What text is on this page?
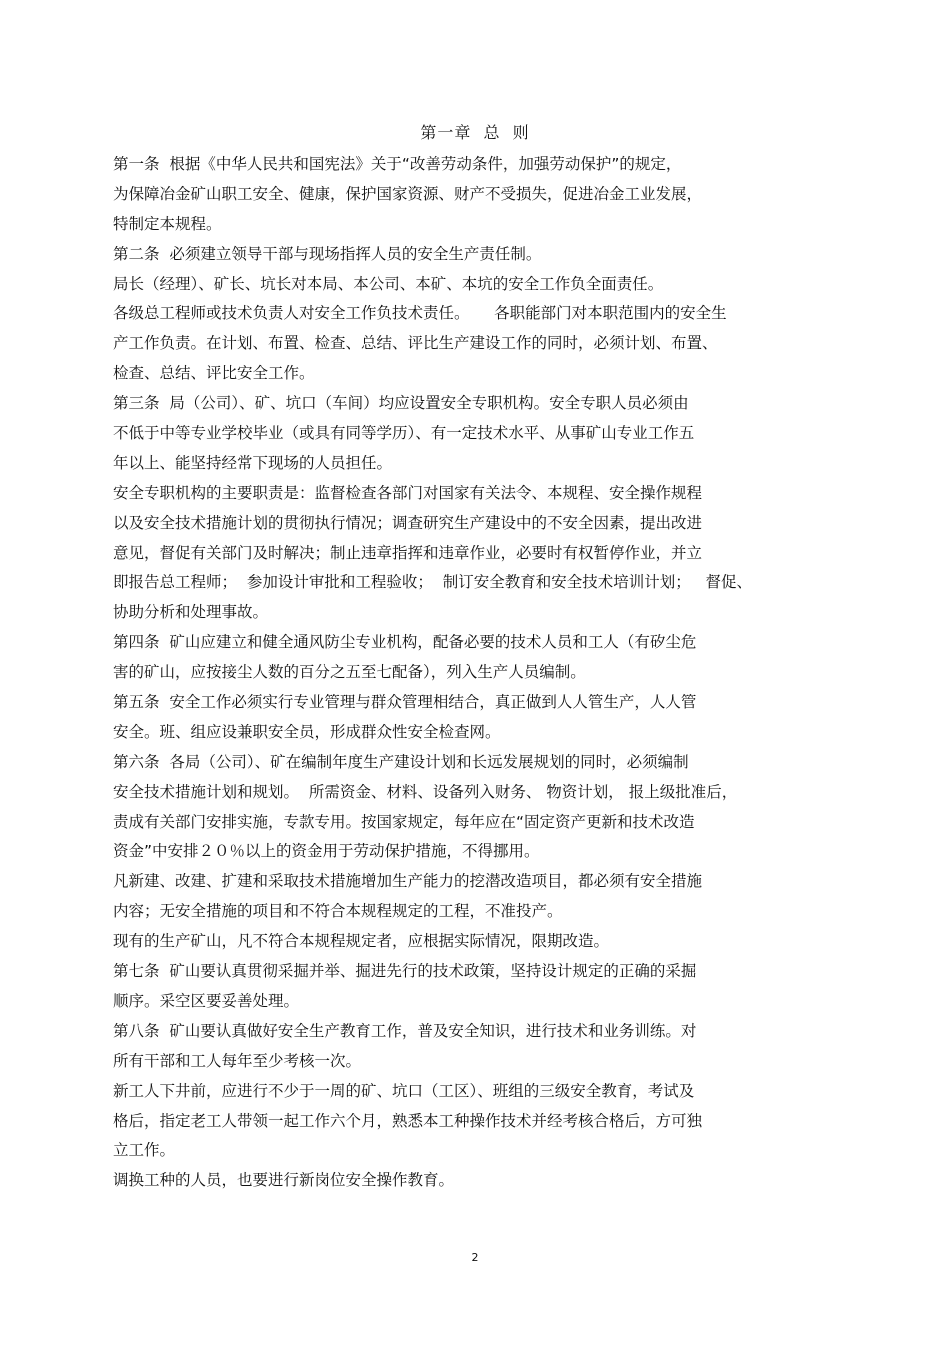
第一章  总  则
第一条  根据《中华人民共和国宪法》关于“改善劳动条件，加强劳动保护”的规定，
为保障冶金矿山职工安全、健康，保护国家资源、财产不受损失，促进冶金工业发展，
特制定本规程。
第二条  必须建立领导干部与现场指挥人员的安全生产责任制。
局长（经理）、矿长、坑长对本局、本公司、本矿、本坑的安全工作负全面责任。
各级总工程师或技术负责人对安全工作负技术责任。     各职能部门对本职范围内的安全生
产工作负责。在计划、布置、检查、总结、评比生产建设工作的同时，必须计划、布置、
检查、总结、评比安全工作。
第三条  局（公司）、矿、坑口（车间）均应设置安全专职机构。安全专职人员必须由
不低于中等专业学校毕业（或具有同等学历）、有一定技术水平、从事矿山专业工作五
年以上、能坚持经常下现场的人员担任。
安全专职机构的主要职责是：监督检查各部门对国家有关法令、本规程、安全操作规程
以及安全技术措施计划的贯彻执行情况；调查研究生产建设中的不安全因素，提出改进
意见，督促有关部门及时解决；制止违章指挥和违章作业，必要时有权暂停作业，并立
即报告总工程师；  参加设计审批和工程验收；  制订安全教育和安全技术培训计划；   督促、
协助分析和处理事故。
第四条  矿山应建立和健全通风防尘专业机构，配备必要的技术人员和工人（有矽尘危
害的矿山，应按接尘人数的百分之五至七配备），列入生产人员编制。
第五条  安全工作必须实行专业管理与群众管理相结合，真正做到人人管生产，人人管
安全。班、组应设兼职安全员，形成群众性安全检查网。
第六条  各局（公司）、矿在编制年度生产建设计划和长远发展规划的同时，必须编制
安全技术措施计划和规划。  所需资金、材料、设备列入财务、 物资计划， 报上级批准后，
责成有关部门安排实施，专款专用。按国家规定，每年应在“固定资产更新和技术改造
资金”中安排２０％以上的资金用于劳动保护措施，不得挪用。
凡新建、改建、扩建和采取技术措施增加生产能力的挖潜改造项目，都必须有安全措施
内容；无安全措施的项目和不符合本规程规定的工程，不准投产。
现有的生产矿山，凡不符合本规程规定者，应根据实际情况，限期改造。
第七条  矿山要认真贯彻采掘并举、掘进先行的技术政策，坚持设计规定的正确的采掘
顺序。采空区要妥善处理。
第八条  矿山要认真做好安全生产教育工作，普及安全知识，进行技术和业务训练。对
所有干部和工人每年至少考核一次。
新工人下井前，应进行不少于一周的矿、坑口（工区）、班组的三级安全教育，考试及
格后，指定老工人带领一起工作六个月，熟悉本工种操作技术并经考核合格后，方可独
立工作。
调换工种的人员，也要进行新岗位安全操作教育。
2
